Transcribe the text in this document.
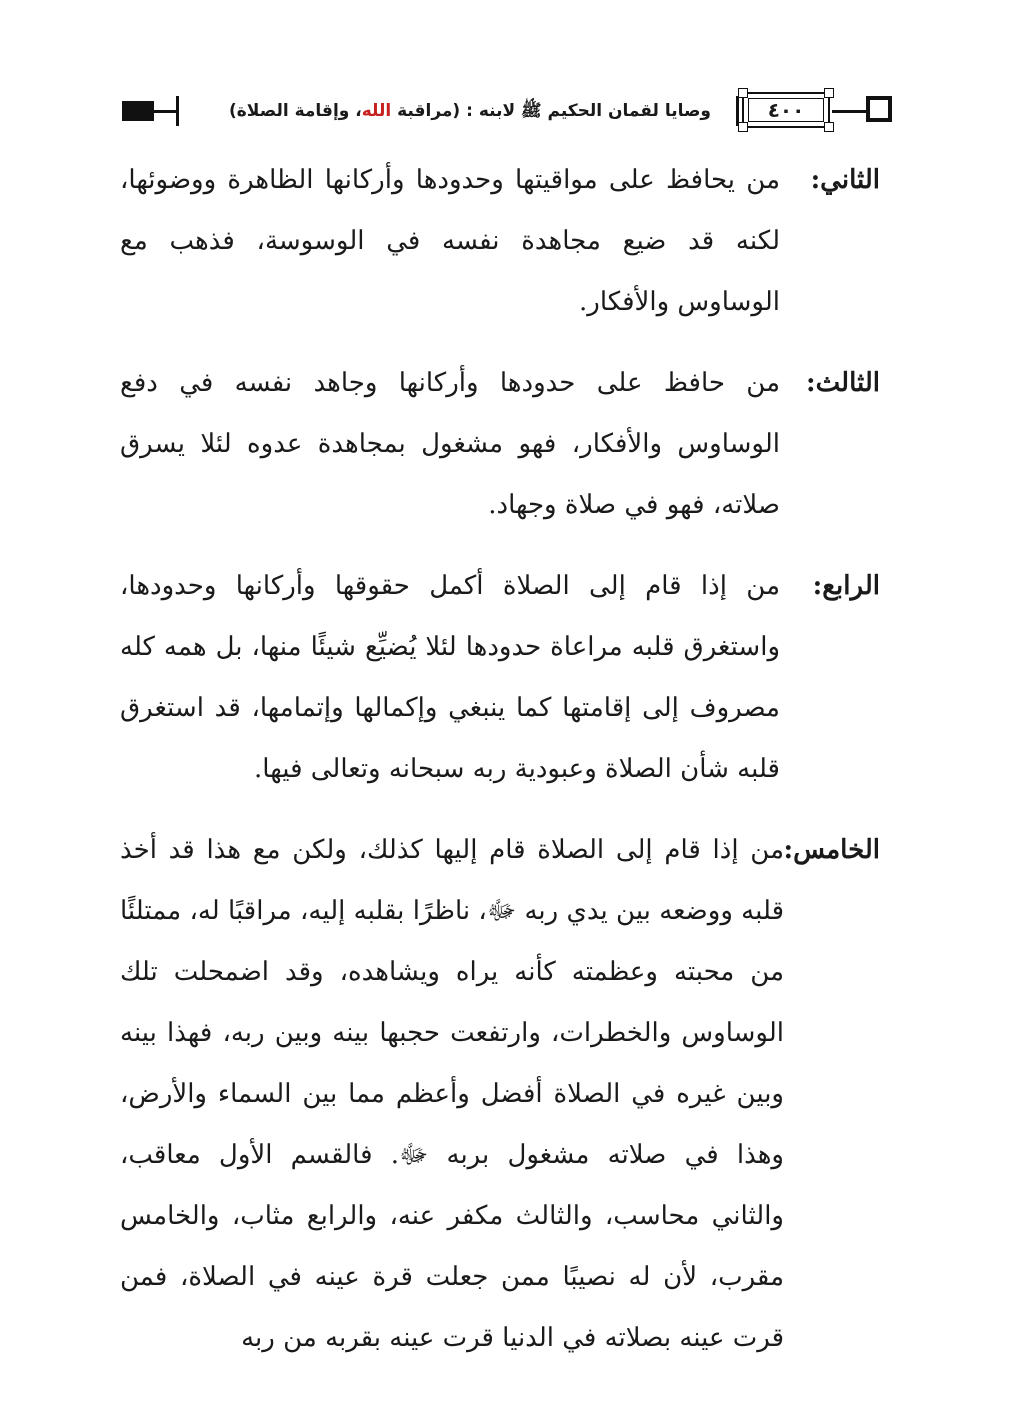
وصايا لقمان الحكيم ﷺ لابنه : (مراقبة الله، وإقامة الصلاة)	٤٠٠
الثاني:
من يحافظ على مواقيتها وحدودها وأركانها الظاهرة ووضوئها، لكنه قد ضيع مجاهدة نفسه في الوسوسة، فذهب مع الوساوس والأفكار.
الثالث:
من حافظ على حدودها وأركانها وجاهد نفسه في دفع الوساوس والأفكار، فهو مشغول بمجاهدة عدوه لئلا يسرق صلاته، فهو في صلاة وجهاد.
الرابع:
من إذا قام إلى الصلاة أكمل حقوقها وأركانها وحدودها، واستغرق قلبه مراعاة حدودها لئلا يُضيِّع شيئًا منها، بل همه كله مصروف إلى إقامتها كما ينبغي وإكمالها وإتمامها، قد استغرق قلبه شأن الصلاة وعبودية ربه سبحانه وتعالى فيها.
الخامس:
من إذا قام إلى الصلاة قام إليها كذلك، ولكن مع هذا قد أخذ قلبه ووضعه بين يدي ربه ﷻ، ناظرًا بقلبه إليه، مراقبًا له، ممتلئًا من محبته وعظمته كأنه يراه ويشاهده، وقد اضمحلت تلك الوساوس والخطرات، وارتفعت حجبها بينه وبين ربه، فهذا بينه وبين غيره في الصلاة أفضل وأعظم مما بين السماء والأرض، وهذا في صلاته مشغول بربه ﷻ. فالقسم الأول معاقب، والثاني محاسب، والثالث مكفر عنه، والرابع مثاب، والخامس مقرب، لأن له نصيبًا ممن جعلت قرة عينه في الصلاة، فمن قرت عينه بصلاته في الدنيا قرت عينه بقربه من ربه
